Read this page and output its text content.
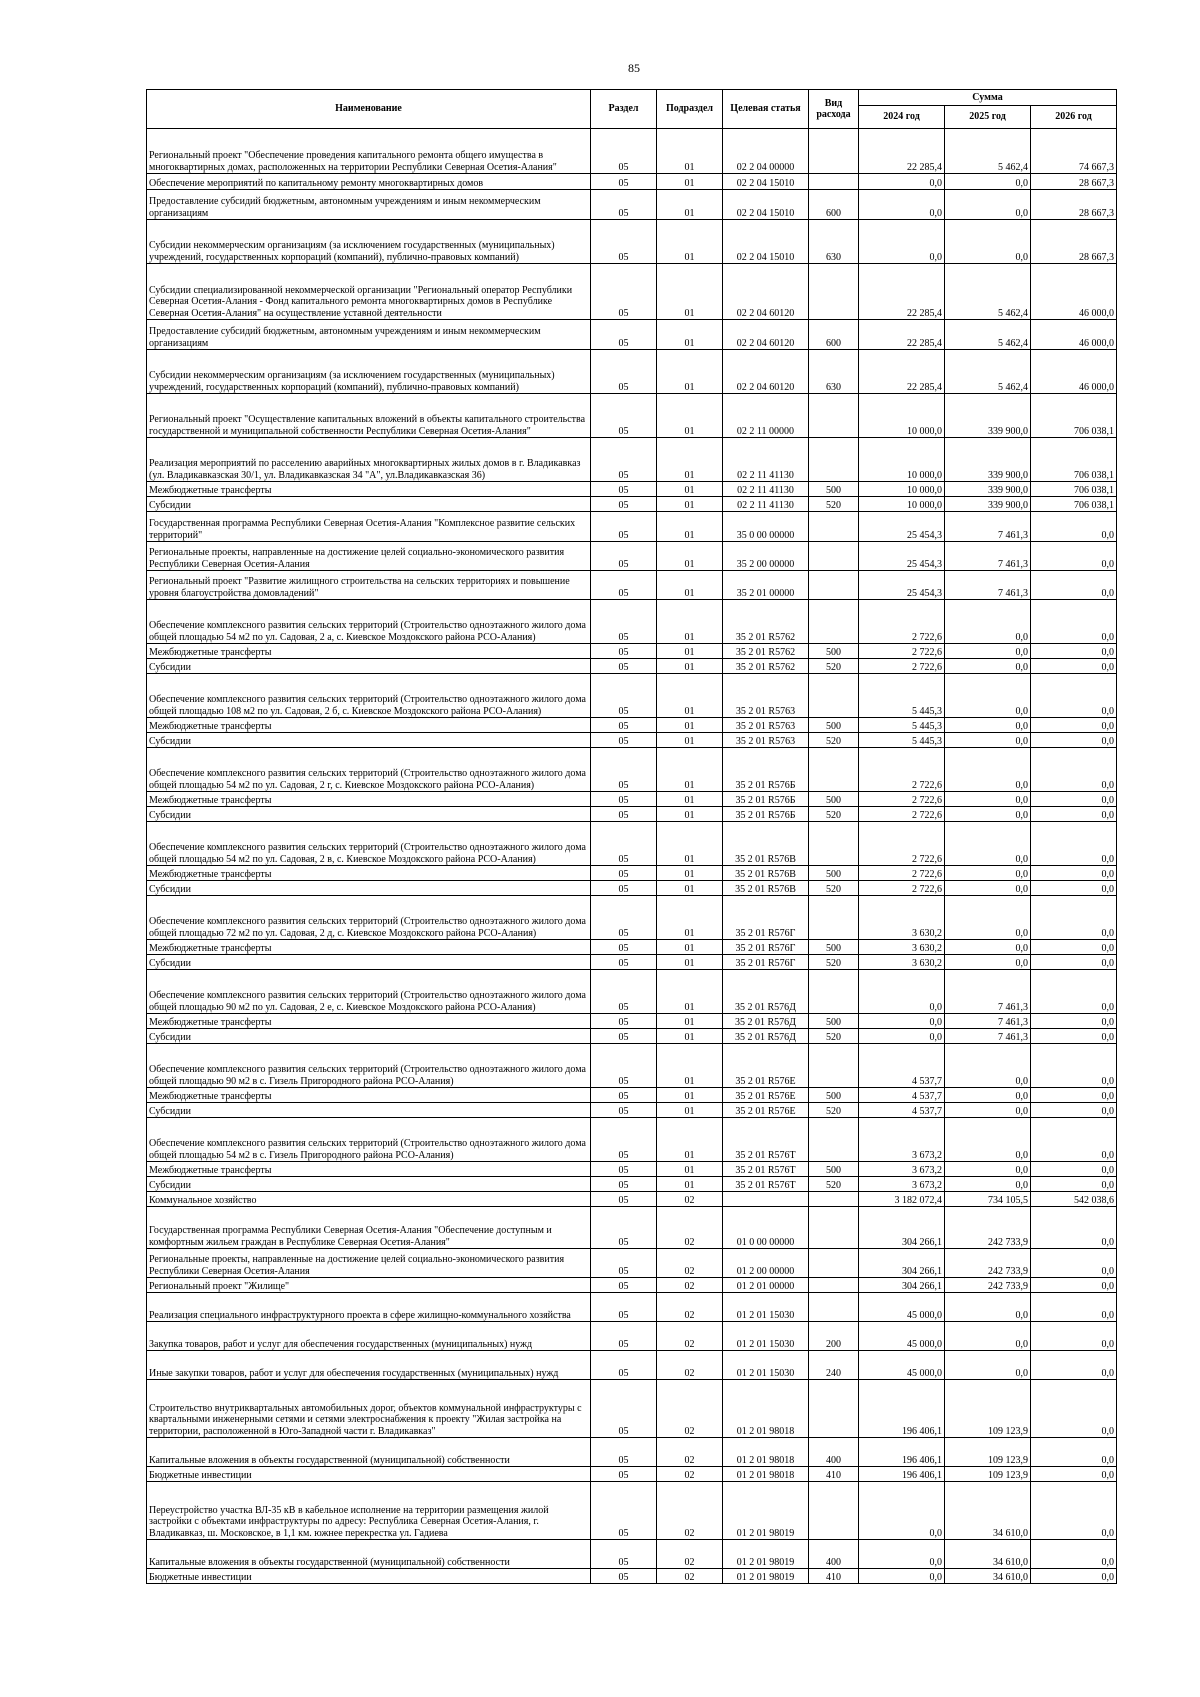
85
Наименование	Раздел	Подраздел	Целевая статья	Вид расхода	Сумма		
					2024 год	2025 год	2026 год
Региональный проект "Обеспечение проведения капитального ремонта общего имущества в многоквартирных домах, расположенных на территории Республики Северная Осетия-Алания"	05	01	02 2 04 00000		22 285,4	5 462,4	74 667,3
Обеспечение мероприятий по капитальному ремонту многоквартирных домов	05	01	02 2 04 15010		0,0	0,0	28 667,3
Предоставление субсидий бюджетным, автономным учреждениям и иным некоммерческим организациям	05	01	02 2 04 15010	600	0,0	0,0	28 667,3
Субсидии некоммерческим организациям (за исключением государственных (муниципальных) учреждений, государственных корпораций (компаний), публично-правовых компаний)	05	01	02 2 04 15010	630	0,0	0,0	28 667,3
Субсидии специализированной некоммерческой организации "Региональный оператор Республики Северная Осетия-Алания - Фонд капитального ремонта многоквартирных домов в Республике Северная Осетия-Алания" на осуществление уставной деятельности	05	01	02 2 04 60120		22 285,4	5 462,4	46 000,0
Предоставление субсидий бюджетным, автономным учреждениям и иным некоммерческим организациям	05	01	02 2 04 60120	600	22 285,4	5 462,4	46 000,0
Субсидии некоммерческим организациям (за исключением государственных (муниципальных) учреждений, государственных корпораций (компаний), публично-правовых компаний)	05	01	02 2 04 60120	630	22 285,4	5 462,4	46 000,0
Региональный проект "Осуществление капитальных вложений в объекты капитального строительства государственной и муниципальной собственности Республики Северная Осетия-Алания"	05	01	02 2 11 00000		10 000,0	339 900,0	706 038,1
Реализация мероприятий по расселению аварийных многоквартирных жилых домов в г. Владикавказ (ул. Владикавказская 30/1, ул. Владикавказская 34 "А", ул.Владикавказская 36)	05	01	02 2 11 41130		10 000,0	339 900,0	706 038,1
Межбюджетные трансферты	05	01	02 2 11 41130	500	10 000,0	339 900,0	706 038,1
Субсидии	05	01	02 2 11 41130	520	10 000,0	339 900,0	706 038,1
Государственная программа Республики Северная Осетия-Алания "Комплексное развитие сельских территорий"	05	01	35 0 00 00000		25 454,3	7 461,3	0,0
Региональные проекты, направленные на достижение целей социально-экономического развития Республики Северная Осетия-Алания	05	01	35 2 00 00000		25 454,3	7 461,3	0,0
Региональный проект "Развитие жилищного строительства на сельских территориях и повышение уровня благоустройства домовладений"	05	01	35 2 01 00000		25 454,3	7 461,3	0,0
Обеспечение комплексного развития сельских территорий (Строительство одноэтажного жилого дома общей площадью 54 м2 по ул. Садовая, 2 а, с. Киевское Моздокского района РСО-Алания)	05	01	35 2 01 R5762		2 722,6	0,0	0,0
Межбюджетные трансферты	05	01	35 2 01 R5762	500	2 722,6	0,0	0,0
Субсидии	05	01	35 2 01 R5762	520	2 722,6	0,0	0,0
Обеспечение комплексного развития сельских территорий (Строительство одноэтажного жилого дома общей площадью 108 м2 по ул. Садовая, 2 б, с. Киевское Моздокского района РСО-Алания)	05	01	35 2 01 R5763		5 445,3	0,0	0,0
Межбюджетные трансферты	05	01	35 2 01 R5763	500	5 445,3	0,0	0,0
Субсидии	05	01	35 2 01 R5763	520	5 445,3	0,0	0,0
Обеспечение комплексного развития сельских территорий (Строительство одноэтажного жилого дома общей площадью 54 м2 по ул. Садовая, 2 г, с. Киевское Моздокского района РСО-Алания)	05	01	35 2 01 R576Б		2 722,6	0,0	0,0
Межбюджетные трансферты	05	01	35 2 01 R576Б	500	2 722,6	0,0	0,0
Субсидии	05	01	35 2 01 R576Б	520	2 722,6	0,0	0,0
Обеспечение комплексного развития сельских территорий (Строительство одноэтажного жилого дома общей площадью 54 м2 по ул. Садовая, 2 в, с. Киевское Моздокского района РСО-Алания)	05	01	35 2 01 R576В		2 722,6	0,0	0,0
Межбюджетные трансферты	05	01	35 2 01 R576В	500	2 722,6	0,0	0,0
Субсидии	05	01	35 2 01 R576В	520	2 722,6	0,0	0,0
Обеспечение комплексного развития сельских территорий (Строительство одноэтажного жилого дома общей площадью 72 м2 по ул. Садовая, 2 д, с. Киевское Моздокского района РСО-Алания)	05	01	35 2 01 R576Г		3 630,2	0,0	0,0
Межбюджетные трансферты	05	01	35 2 01 R576Г	500	3 630,2	0,0	0,0
Субсидии	05	01	35 2 01 R576Г	520	3 630,2	0,0	0,0
Обеспечение комплексного развития сельских территорий (Строительство одноэтажного жилого дома общей площадью 90 м2 по ул. Садовая, 2 е, с. Киевское Моздокского района РСО-Алания)	05	01	35 2 01 R576Д		0,0	7 461,3	0,0
Межбюджетные трансферты	05	01	35 2 01 R576Д	500	0,0	7 461,3	0,0
Субсидии	05	01	35 2 01 R576Д	520	0,0	7 461,3	0,0
Обеспечение комплексного развития сельских территорий (Строительство одноэтажного жилого дома общей площадью 90 м2 в с. Гизель Пригородного района РСО-Алания)	05	01	35 2 01 R576Е		4 537,7	0,0	0,0
Межбюджетные трансферты	05	01	35 2 01 R576Е	500	4 537,7	0,0	0,0
Субсидии	05	01	35 2 01 R576Е	520	4 537,7	0,0	0,0
Обеспечение комплексного развития сельских территорий (Строительство одноэтажного жилого дома общей площадью 54 м2 в с. Гизель Пригородного района РСО-Алания)	05	01	35 2 01 R576Т		3 673,2	0,0	0,0
Межбюджетные трансферты	05	01	35 2 01 R576Т	500	3 673,2	0,0	0,0
Субсидии	05	01	35 2 01 R576Т	520	3 673,2	0,0	0,0
Коммунальное хозяйство	05	02			3 182 072,4	734 105,5	542 038,6
Государственная программа Республики Северная Осетия-Алания "Обеспечение доступным и комфортным жильем граждан в Республике Северная Осетия-Алания"	05	02	01 0 00 00000		304 266,1	242 733,9	0,0
Региональные проекты, направленные на достижение целей социально-экономического развития Республики Северная Осетия-Алания	05	02	01 2 00 00000		304 266,1	242 733,9	0,0
Региональный проект "Жилище"	05	02	01 2 01 00000		304 266,1	242 733,9	0,0
Реализация специального инфраструктурного проекта в сфере жилищно-коммунального хозяйства	05	02	01 2 01 15030		45 000,0	0,0	0,0
Закупка товаров, работ и услуг для обеспечения государственных (муниципальных) нужд	05	02	01 2 01 15030	200	45 000,0	0,0	0,0
Иные закупки товаров, работ и услуг для обеспечения государственных (муниципальных) нужд	05	02	01 2 01 15030	240	45 000,0	0,0	0,0
Строительство внутриквартальных автомобильных дорог, объектов коммунальной инфраструктуры с квартальными инженерными сетями и сетями электроснабжения к проекту "Жилая застройка на территории, расположенной в Юго-Западной части г. Владикавказ"	05	02	01 2 01 98018		196 406,1	109 123,9	0,0
Капитальные вложения в объекты государственной (муниципальной) собственности	05	02	01 2 01 98018	400	196 406,1	109 123,9	0,0
Бюджетные инвестиции	05	02	01 2 01 98018	410	196 406,1	109 123,9	0,0
Переустройство участка ВЛ-35 кВ в кабельное исполнение на территории размещения жилой застройки с объектами инфраструктуры по адресу: Республика Северная Осетия-Алания, г. Владикавказ, ш. Московское, в 1,1 км. южнее перекрестка ул. Гадиева	05	02	01 2 01 98019		0,0	34 610,0	0,0
Капитальные вложения в объекты государственной (муниципальной) собственности	05	02	01 2 01 98019	400	0,0	34 610,0	0,0
Бюджетные инвестиции	05	02	01 2 01 98019	410	0,0	34 610,0	0,0
